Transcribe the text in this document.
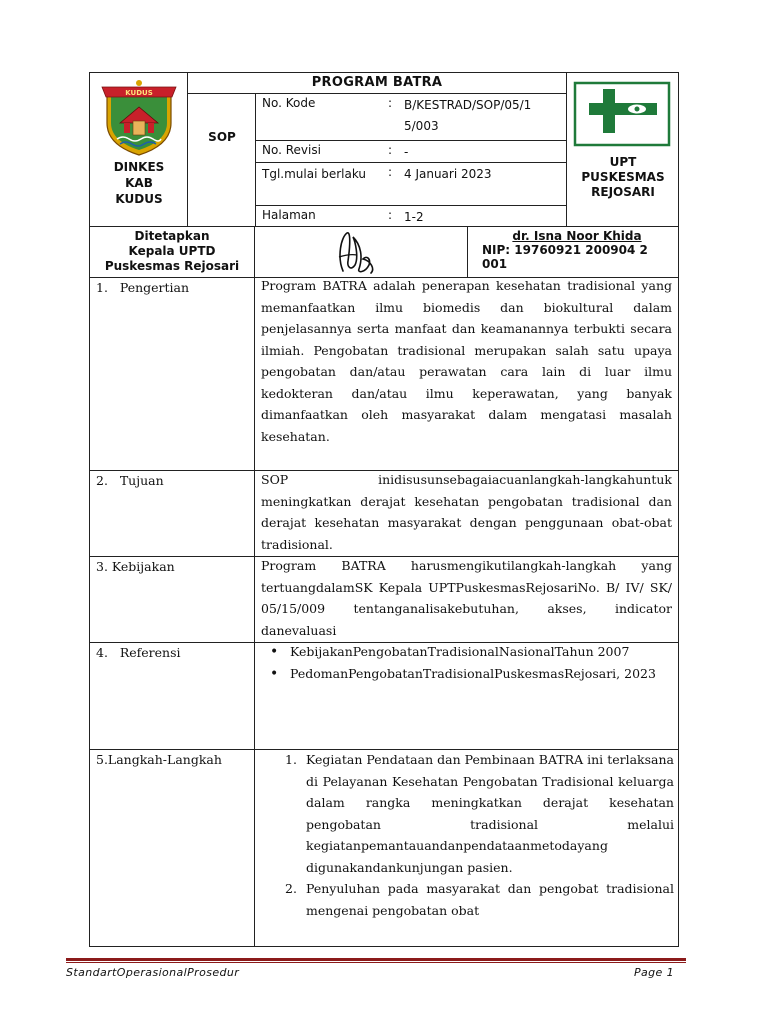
KUDUS
DINKES
KAB
KUDUS
PROGRAM BATRA
SOP
No. Kode	: B/KESTRAD/SOP/05/1 5/003
No. Revisi	: -
Tgl.mulai berlaku	: 4 Januari 2023
Halaman	: 1-2
UPT
PUSKESMAS
REJOSARI
Ditetapkan
Kepala UPTD
Puskesmas Rejosari
dr. Isna Noor Khida
NIP: 19760921 200904 2 001
1.   Pengertian	Program BATRA adalah penerapan kesehatan tradisional yang memanfaatkan ilmu biomedis dan biokultural dalam penjelasannya serta manfaat dan keamanannya terbukti secara ilmiah. Pengobatan tradisional merupakan salah satu upaya pengobatan dan/atau perawatan cara lain di luar ilmu kedokteran dan/atau ilmu keperawatan, yang banyak dimanfaatkan oleh masyarakat dalam mengatasi masalah kesehatan.
2.   Tujuan	SOP inidisusunsebagaiacuanlangkah-langkahuntuk meningkatkan derajat kesehatan pengobatan tradisional dan derajat kesehatan masyarakat dengan penggunaan obat-obat tradisional.
3. Kebijakan	Program BATRA harusmengikutilangkah-langkah yang tertuangdalamSK Kepala UPTPuskesmasRejosariNo. B/ IV/ SK/ 05/15/009 tentanganalisakebutuhan, akses, indicator danevaluasi
4.   Referensi
•	KebijakanPengobatanTradisionalNasionalTahun 2007
• PedomanPengobatanTradisionalPuskesmasRejosari, 2023
5.Langkah-Langkah	1. Kegiatan Pendataan dan Pembinaan BATRA ini terlaksana di Pelayanan Kesehatan Pengobatan Tradisional keluarga dalam rangka meningkatkan derajat kesehatan pengobatan tradisional melalui kegiatanpemantauandanpendataanmetodayang digunakandankunjungan pasien.
2. Penyuluhan pada masyarakat dan pengobat tradisional mengenai pengobatan obat
StandartOperasionalProsedur	Page 1
